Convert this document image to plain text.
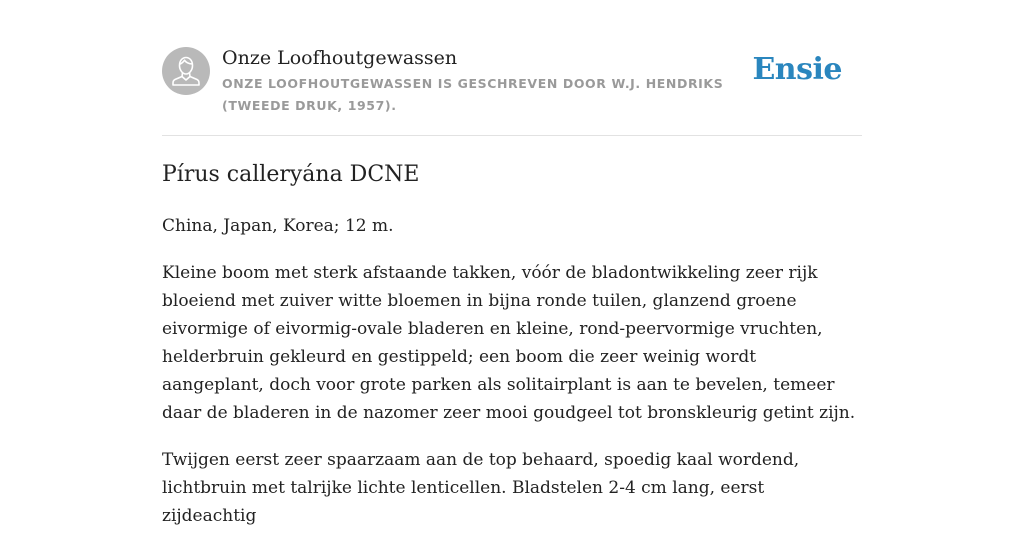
Onze Loofhoutgewassen
ONZE LOOFHOUTGEWASSEN IS GESCHREVEN DOOR W.J. HENDRIKS (TWEEDE DRUK, 1957).
Ensie
Pírus calleryána DCNE

China, Japan, Korea; 12 m.

Kleine boom met sterk afstaande takken, vóór de bladontwikkeling zeer rijk bloeiend met zuiver witte bloemen in bijna ronde tuilen, glanzend groene eivormige of eivormig-ovale bladeren en kleine, rond-peervormige vruchten, helderbruin gekleurd en gestippeld; een boom die zeer weinig wordt aangeplant, doch voor grote parken als solitairplant is aan te bevelen, temeer daar de bladeren in de nazomer zeer mooi goudgeel tot bronskleurig getint zijn.

Twijgen eerst zeer spaarzaam aan de top behaard, spoedig kaal wordend, lichtbruin met talrijke lichte lenticellen. Bladstelen 2-4 cm lang, eerst zijdeachtig
